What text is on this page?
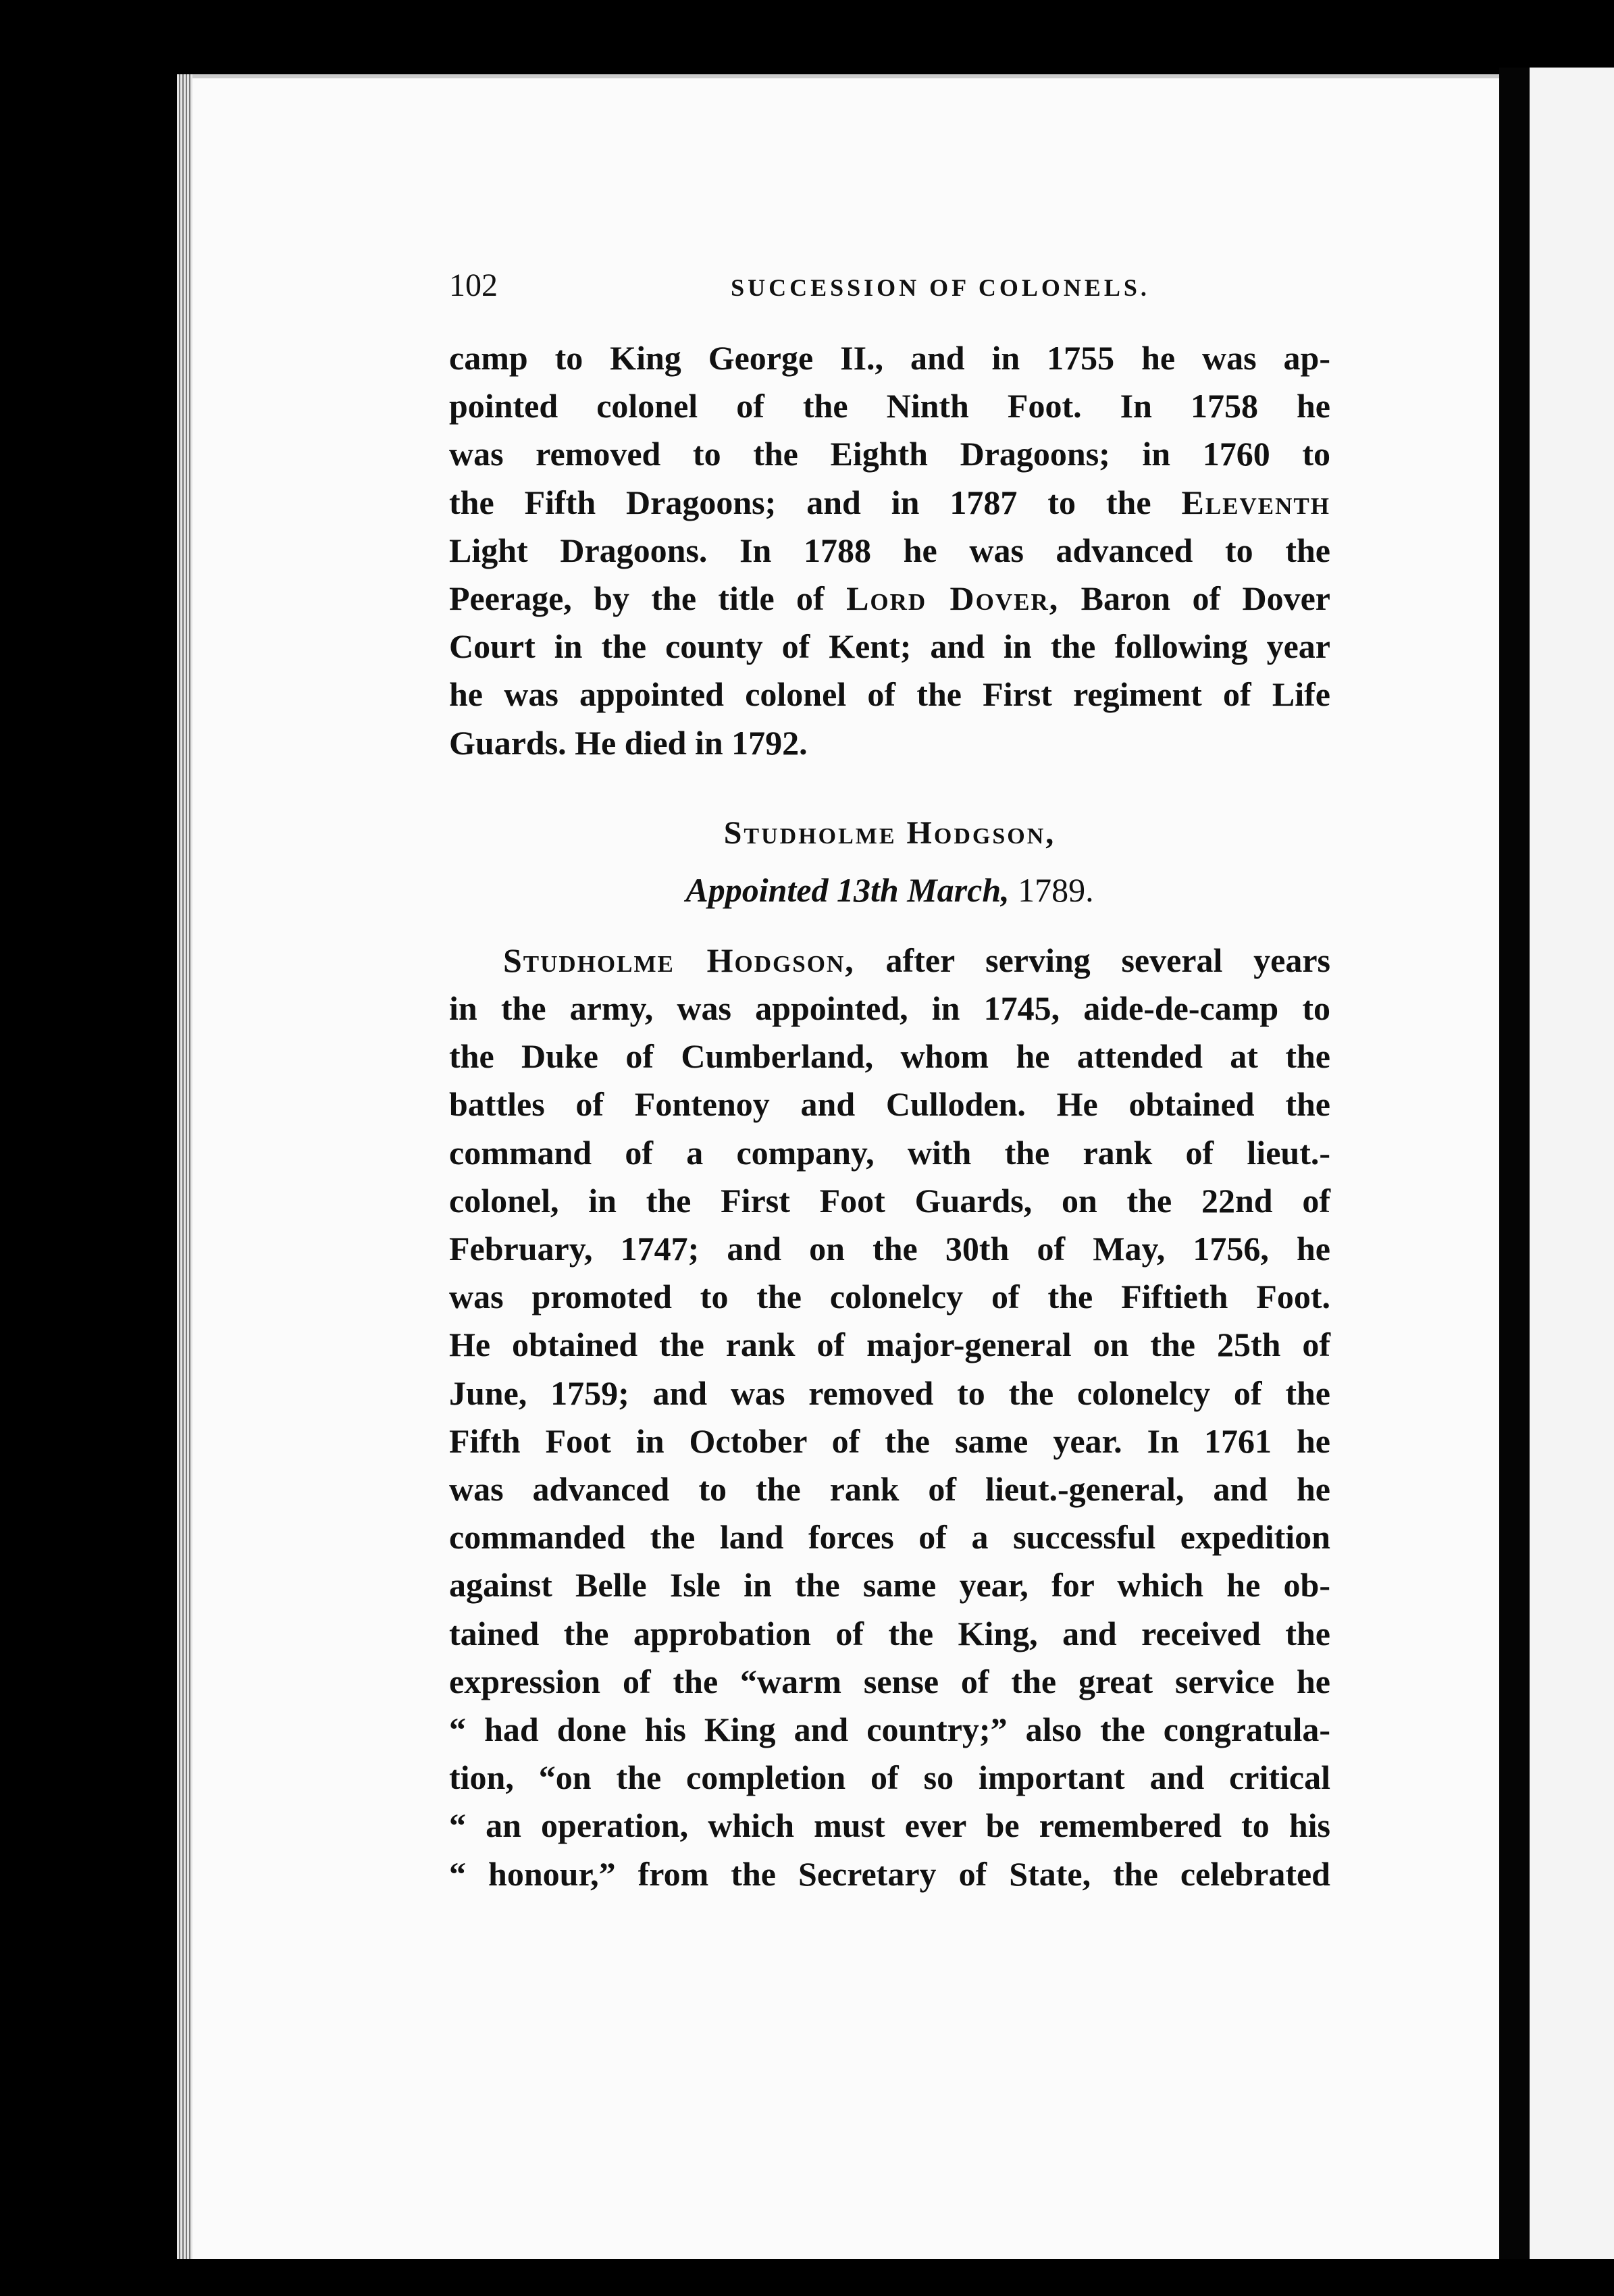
102	SUCCESSION OF COLONELS.
camp to King George II., and in 1755 he was ap-
pointed colonel of the Ninth Foot. In 1758 he
was removed to the Eighth Dragoons; in 1760 to
the Fifth Dragoons; and in 1787 to the Eleventh
Light Dragoons. In 1788 he was advanced to the
Peerage, by the title of Lord Dover, Baron of Dover
Court in the county of Kent; and in the following year
he was appointed colonel of the First regiment of Life
Guards. He died in 1792.
Studholme Hodgson,
Appointed 13th March, 1789.
Studholme Hodgson, after serving several years
in the army, was appointed, in 1745, aide-de-camp to
the Duke of Cumberland, whom he attended at the
battles of Fontenoy and Culloden. He obtained the
command of a company, with the rank of lieut.-
colonel, in the First Foot Guards, on the 22nd of
February, 1747; and on the 30th of May, 1756, he
was promoted to the colonelcy of the Fiftieth Foot.
He obtained the rank of major-general on the 25th of
June, 1759; and was removed to the colonelcy of the
Fifth Foot in October of the same year. In 1761 he
was advanced to the rank of lieut.-general, and he
commanded the land forces of a successful expedition
against Belle Isle in the same year, for which he ob-
tained the approbation of the King, and received the
expression of the “warm sense of the great service he
“ had done his King and country;” also the congratula-
tion, “on the completion of so important and critical
“ an operation, which must ever be remembered to his
“ honour,” from the Secretary of State, the celebrated
